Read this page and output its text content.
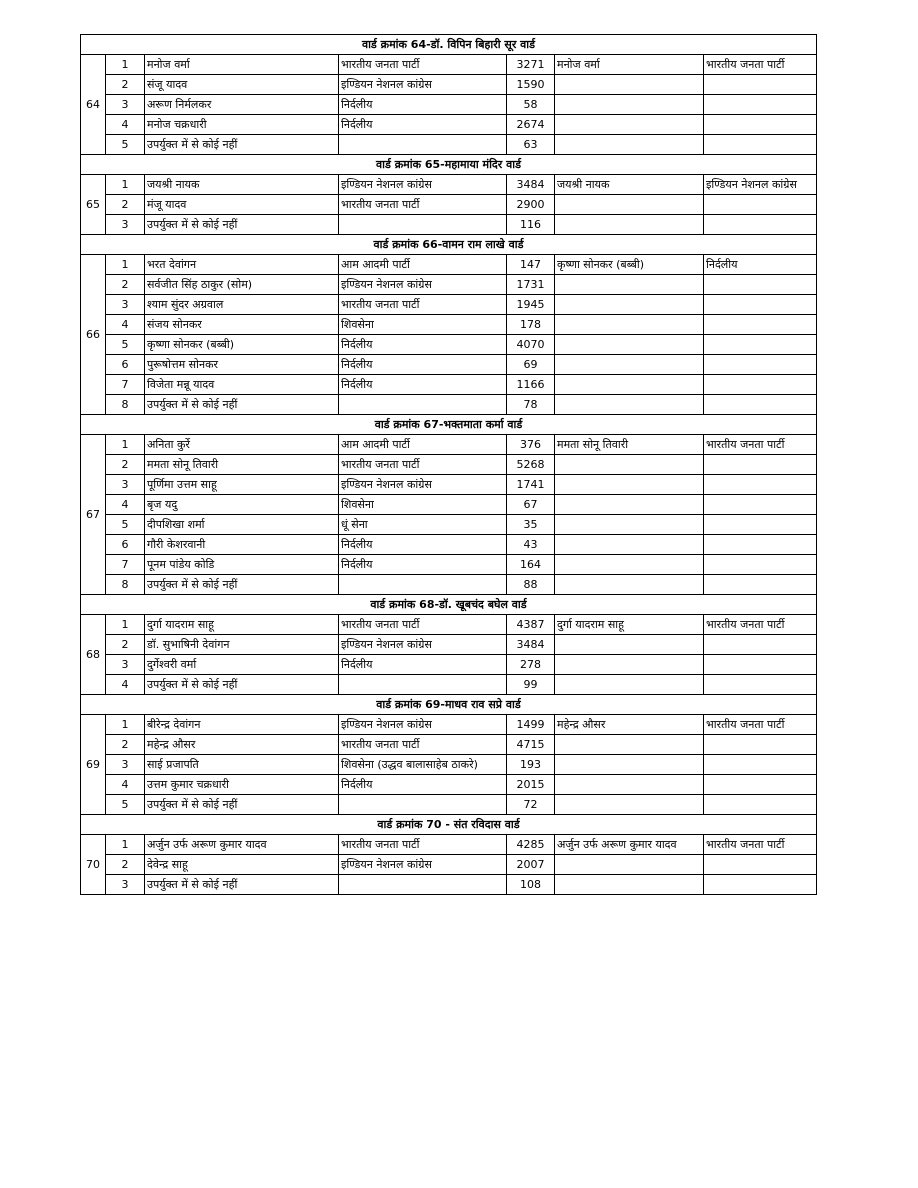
वार्ड क्रमांक 64-डॉ. विपिन बिहारी सूर वार्ड						
64	1	मनोज वर्मा	भारतीय जनता पार्टी	3271	मनोज वर्मा	भारतीय जनता पार्टी
	2	संजू यादव	इण्डियन नेशनल कांग्रेस	1590		
	3	अरूण निर्मलकर	निर्दलीय	58		
	4	मनोज चक्रधारी	निर्दलीय	2674		
	5	उपर्युक्त में से कोई नहीं		63		
वार्ड क्रमांक 65-महामाया मंदिर वार्ड						
65	1	जयश्री नायक	इण्डियन नेशनल कांग्रेस	3484	जयश्री नायक	इण्डियन नेशनल कांग्रेस
	2	मंजू यादव	भारतीय जनता पार्टी	2900		
	3	उपर्युक्त में से कोई नहीं		116		
वार्ड क्रमांक 66-वामन राम लाखे वार्ड						
66	1	भरत देवांगन	आम आदमी पार्टी	147	कृष्णा सोनकर (बब्बी)	निर्दलीय
	2	सर्वजीत सिंह ठाकुर (सोम)	इण्डियन नेशनल कांग्रेस	1731		
	3	श्याम सुंदर अग्रवाल	भारतीय जनता पार्टी	1945		
	4	संजय सोनकर	शिवसेना	178		
	5	कृष्णा सोनकर (बब्बी)	निर्दलीय	4070		
	6	पुरूषोत्तम सोनकर	निर्दलीय	69		
	7	विजेता मन्नू यादव	निर्दलीय	1166		
	8	उपर्युक्त में से कोई नहीं		78		
वार्ड क्रमांक 67-भक्तमाता कर्मा वार्ड						
67	1	अनिता कुर्रे	आम आदमी पार्टी	376	ममता सोनू तिवारी	भारतीय जनता पार्टी
	2	ममता सोनू तिवारी	भारतीय जनता पार्टी	5268		
	3	पूर्णिमा उत्तम साहू	इण्डियन नेशनल कांग्रेस	1741		
	4	बृज यदु	शिवसेना	67		
	5	दीपशिखा शर्मा	धूं सेना	35		
	6	गौरी केशरवानी	निर्दलीय	43		
	7	पूनम पांडेय कोडि	निर्दलीय	164		
	8	उपर्युक्त में से कोई नहीं		88		
वार्ड क्रमांक 68-डॉ. खूबचंद बघेल वार्ड						
68	1	दुर्गा यादराम साहू	भारतीय जनता पार्टी	4387	दुर्गा यादराम साहू	भारतीय जनता पार्टी
	2	डॉ. सुभाषिनी देवांगन	इण्डियन नेशनल कांग्रेस	3484		
	3	दुर्गेश्वरी वर्मा	निर्दलीय	278		
	4	उपर्युक्त में से कोई नहीं		99		
वार्ड क्रमांक 69-माधव राव सप्रे वार्ड						
69	1	बीरेन्द्र देवांगन	इण्डियन नेशनल कांग्रेस	1499	महेन्द्र औसर	भारतीय जनता पार्टी
	2	महेन्द्र औसर	भारतीय जनता पार्टी	4715		
	3	साई प्रजापति	शिवसेना (उद्धव बालासाहेब ठाकरे)	193		
	4	उत्तम कुमार चक्रधारी	निर्दलीय	2015		
	5	उपर्युक्त में से कोई नहीं		72		
वार्ड क्रमांक 70 - संत रविदास वार्ड						
70	1	अर्जुन उर्फ अरूण कुमार यादव	भारतीय जनता पार्टी	4285	अर्जुन उर्फ अरूण कुमार यादव	भारतीय जनता पार्टी
	2	देवेन्द्र साहू	इण्डियन नेशनल कांग्रेस	2007		
	3	उपर्युक्त में से कोई नहीं		108		
